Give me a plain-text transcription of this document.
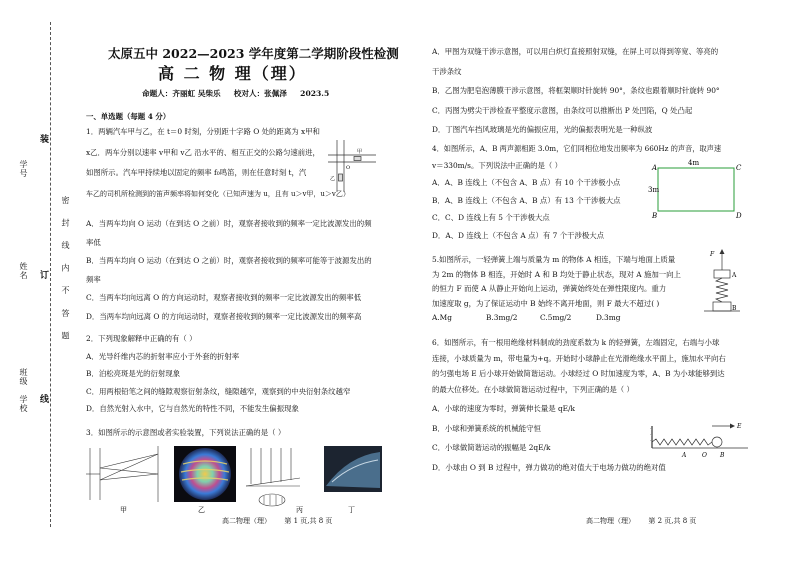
学号
姓名
学校
班级
装
订
线
密 封 线 内 不 答 题
太原五中 2022—2023 学年度第二学期阶段性检测
高 二 物 理（理）
命题人：齐丽虹 吴柴乐     校对人：张佩泽     2023.5
一、单选题（每题 4 分）
1．两辆汽车甲与乙，在 t＝0 时刻，分别距十字路 O 处的距离为 x甲和
x乙．两车分别以速率 v甲和 v乙 沿水平的、相互正交的公路匀速前进，
如图所示。汽车甲持续地以固定的频率 f₀鸣笛，则在任意时刻 t，汽
车乙的司机所检测到的笛声频率将如何变化（已知声速为 u，且有 u＞v甲，u＞v乙）
甲
乙
O
A．当两车均向 O 运动（在到达 O 之前）时，观察者接收到的频率一定比波源发出的频
率低
B．当两车均向 O 运动（在到达 O 之前）时，观察者接收到的频率可能等于波源发出的
频率
C．当两车均向远离 O 的方向运动时，观察者接收到的频率一定比波源发出的频率低
D．当两车均向远离 O 的方向运动时，观察者接收到的频率一定比波源发出的频率高
2．下列现象解释中正确的有（ ）
A．光导纤维内芯的折射率应小于外套的折射率
B．泊松亮斑是光的衍射现象
C．用两根铅笔之间的缝隙观察衍射条纹，缝隙越窄，观察到的中央衍射条纹越窄
D．自然光射入水中，它与自然光的特性不同，不能发生偏振现象
3．如图所示的示意图或者实验装置，下列说法正确的是（ ）
甲	乙	丙	丁
高二物理（理）      第 1 页,共 8 页
A．甲图为双缝干涉示意图，可以用白炽灯直接照射双缝，在屏上可以得到等宽、等亮的
干涉条纹
B．乙图为肥皂泡薄膜干涉示意图，将框架顺时针旋转 90°，条纹也跟着顺时针旋转 90°
C．丙图为劈尖干涉检查平整度示意图，由条纹可以推断出 P 处凹陷，Q 处凸起
D．丁图汽车挡风玻璃是光的偏振应用，光的偏振表明光是一种纵波
4．如图所示，A、B 两声源相距 3.0m，它们同相位地发出频率为 660Hz 的声音，取声速
v＝330m/s。下列说法中正确的是（ ）
A．A、B 连线上（不包含 A、B 点）有 10 个干涉极小点
B．A、B 连线上（不包含 A、B 点）有 13 个干涉极大点
C．C、D 连线上有 5 个干涉极大点
D．A、D 连线上（不包含 A 点）有 7 个干涉极大点
4m
3m
A
B
C
D
5.如图所示，一轻弹簧上端与质量为 m 的物体 A 相连，下端与地面上质量
为 2m 的物体 B 相连，开始时 A 和 B 均处于静止状态，现对 A 施加一向上
的恒力 F 而使 A 从静止开始向上运动，弹簧始终处在弹性限度内。重力
加速度取 g，为了保证运动中 B 始终不离开地面，则 F 最大不超过( )
A.Mg	B.3mg/2	C.5mg/2	D.3mg
F
A
B
6．如图所示，有一根用绝缘材料制成的劲度系数为 k 的轻弹簧，左端固定，右端与小球
连接，小球质量为 m，带电量为+q。开始时小球静止在光滑绝缘水平面上，施加水平向右
的匀强电场 E 后小球开始做简谐运动。小球经过 O 时加速度为零，A、B 为小球能够到达
的最大位移处。在小球做简谐运动过程中，下列正确的是（ ）
A．小球的速度为零时，弹簧伸长量是 qE/k
B．小球和弹簧系统的机械能守恒
C．小球做简谐运动的振幅是 2qE/k
D．小球由 O 到 B 过程中，弹力做功的绝对值大于电场力做功的绝对值
E
A	O B
高二物理（理）      第 2 页,共 8 页
